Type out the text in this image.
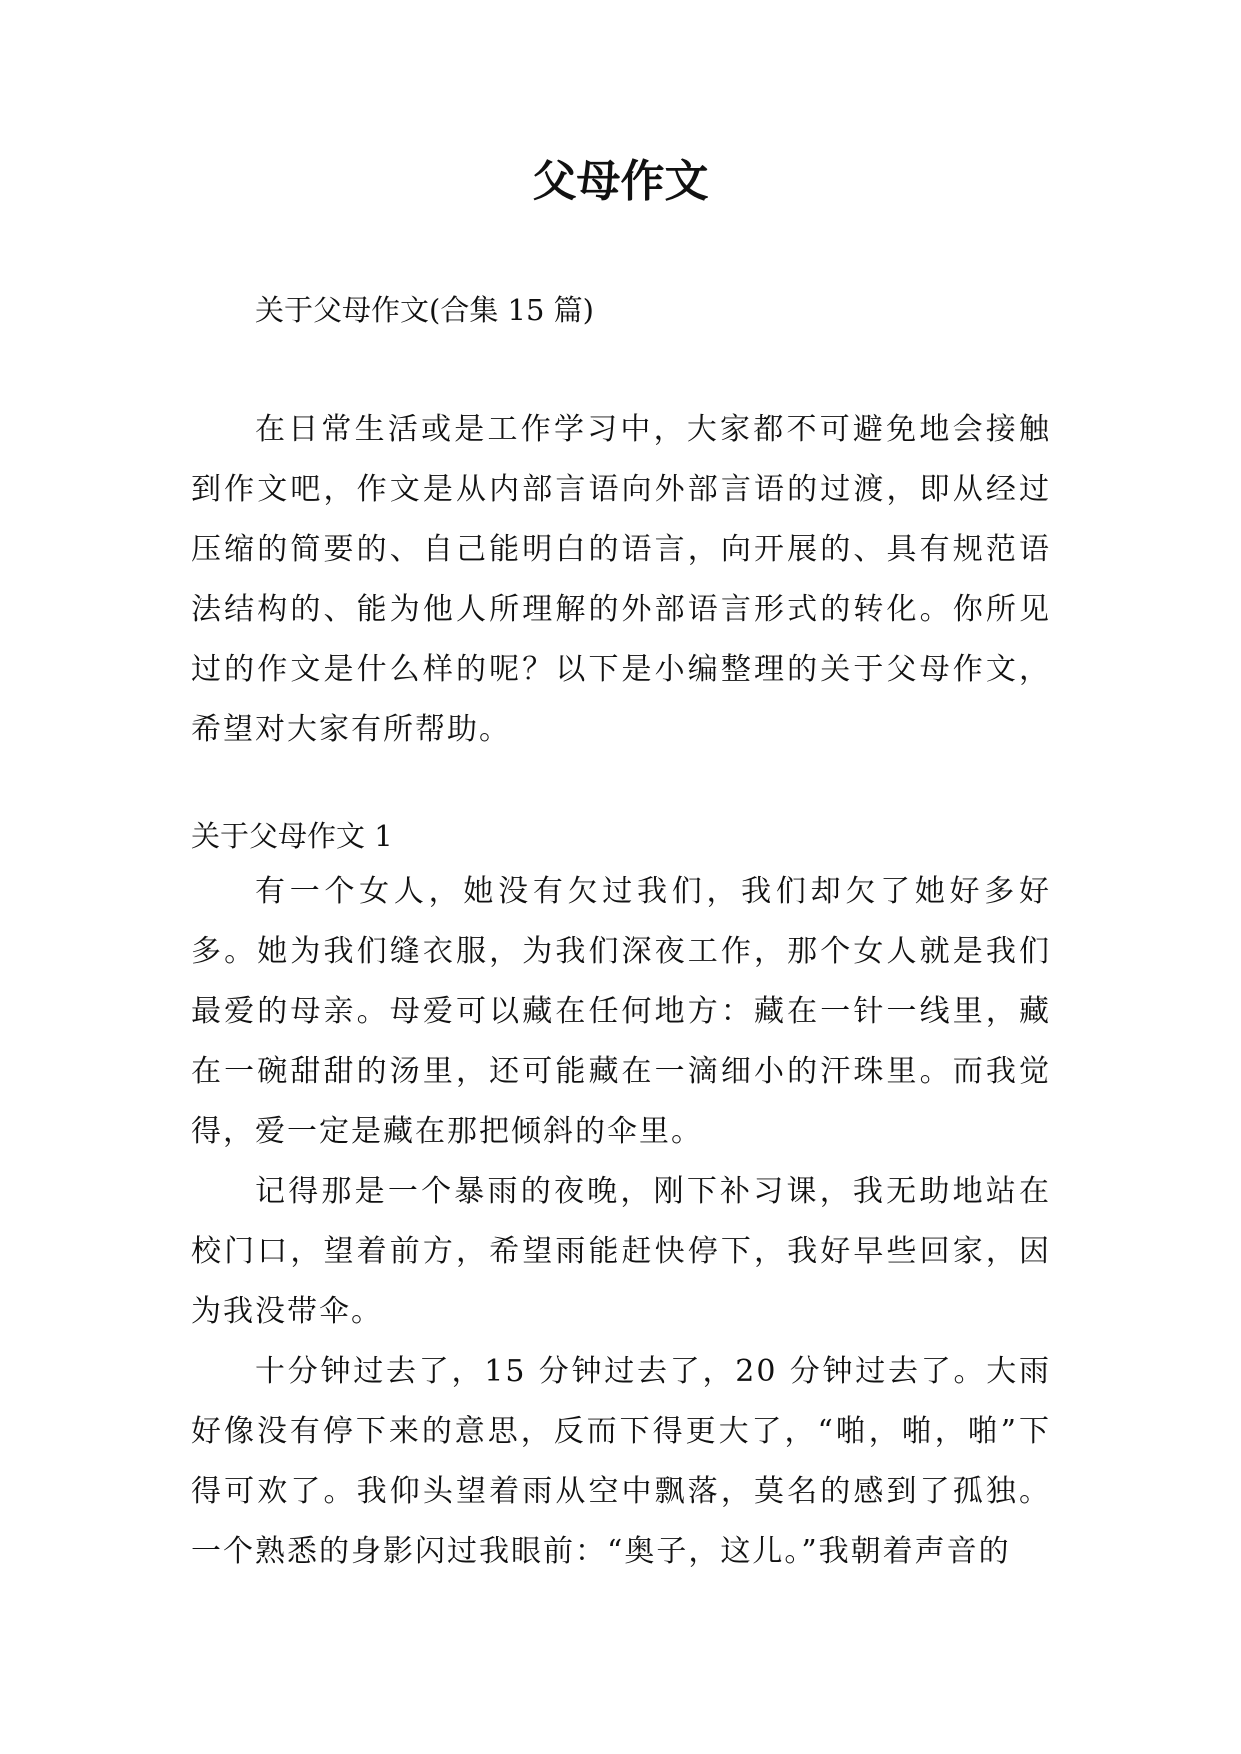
父母作文

关于父母作文(合集 15 篇)

在日常生活或是工作学习中，大家都不可避免地会接触到作文吧，作文是从内部言语向外部言语的过渡，即从经过压缩的简要的、自己能明白的语言，向开展的、具有规范语法结构的、能为他人所理解的外部语言形式的转化。你所见过的作文是什么样的呢？以下是小编整理的关于父母作文，希望对大家有所帮助。

关于父母作文 1

有一个女人，她没有欠过我们，我们却欠了她好多好多。她为我们缝衣服，为我们深夜工作，那个女人就是我们最爱的母亲。母爱可以藏在任何地方：藏在一针一线里，藏在一碗甜甜的汤里，还可能藏在一滴细小的汗珠里。而我觉得，爱一定是藏在那把倾斜的伞里。

记得那是一个暴雨的夜晚，刚下补习课，我无助地站在校门口，望着前方，希望雨能赶快停下，我好早些回家，因为我没带伞。

十分钟过去了，15 分钟过去了，20 分钟过去了。大雨好像没有停下来的意思，反而下得更大了，“啪，啪，啪”下得可欢了。我仰头望着雨从空中飘落，莫名的感到了孤独。一个熟悉的身影闪过我眼前：“奥子，这儿。”我朝着声音的
